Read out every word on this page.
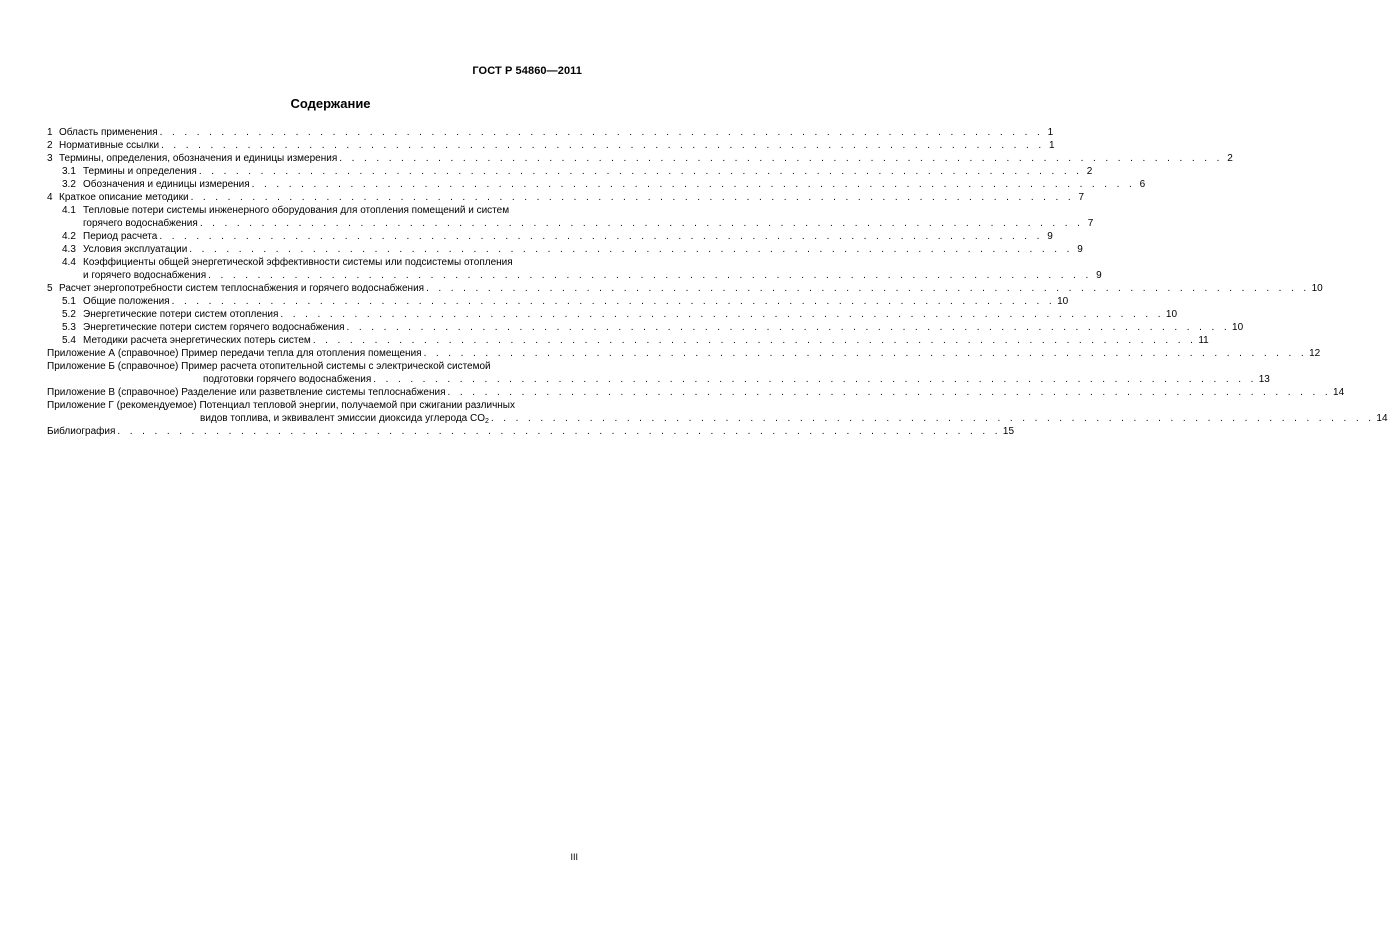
ГОСТ Р 54860—2011
Содержание
1 Область применения . . . . . . . . . . . . . . . . . . . . . . . . . . . . . . . . . . . . . . . . . . . . . . . . . . . . . . . . . . . . . . . . . . . . . . . . 1
2 Нормативные ссылки . . . . . . . . . . . . . . . . . . . . . . . . . . . . . . . . . . . . . . . . . . . . . . . . . . . . . . . . . . . . . . . . . . . . . . . . 1
3 Термины, определения, обозначения и единицы измерения . . . . . . . . . . . . . . . . . . . . . . . . . . . . . . . . . . . . . . . . . . . . . . . . . . . . . . . . . . . . . . . . . . . . . . . . 2
3.1 Термины и определения . . . . . . . . . . . . . . . . . . . . . . . . . . . . . . . . . . . . . . . . . . . . . . . . . . . . . . . . . . . . . . . . . . . . . . . . 2
3.2 Обозначения и единицы измерения . . . . . . . . . . . . . . . . . . . . . . . . . . . . . . . . . . . . . . . . . . . . . . . . . . . . . . . . . . . . . . . . . . . . . . . . 6
4 Краткое описание методики . . . . . . . . . . . . . . . . . . . . . . . . . . . . . . . . . . . . . . . . . . . . . . . . . . . . . . . . . . . . . . . . . . . . . . . . 7
4.1 Тепловые потери системы инженерного оборудования для отопления помещений и систем
горячего водоснабжения . . . . . . . . . . . . . . . . . . . . . . . . . . . . . . . . . . . . . . . . . . . . . . . . . . . . . . . . . . . . . . . . . . . . . . . . 7
4.2 Период расчета . . . . . . . . . . . . . . . . . . . . . . . . . . . . . . . . . . . . . . . . . . . . . . . . . . . . . . . . . . . . . . . . . . . . . . . . 9
4.3 Условия эксплуатации . . . . . . . . . . . . . . . . . . . . . . . . . . . . . . . . . . . . . . . . . . . . . . . . . . . . . . . . . . . . . . . . . . . . . . . . 9
4.4 Коэффициенты общей энергетической эффективности системы или подсистемы отопления
и горячего водоснабжения . . . . . . . . . . . . . . . . . . . . . . . . . . . . . . . . . . . . . . . . . . . . . . . . . . . . . . . . . . . . . . . . . . . . . . . . 9
5 Расчет энергопотребности систем теплоснабжения и горячего водоснабжения . . . . . . . . . . . . . . . . . . . . . . . . . . . . . . . . . . . . . . . . . . . . . . . . . . . . . . . . . . . . . . . . . . . . . . . . 10
5.1 Общие положения . . . . . . . . . . . . . . . . . . . . . . . . . . . . . . . . . . . . . . . . . . . . . . . . . . . . . . . . . . . . . . . . . . . . . . . . 10
5.2 Энергетические потери систем отопления . . . . . . . . . . . . . . . . . . . . . . . . . . . . . . . . . . . . . . . . . . . . . . . . . . . . . . . . . . . . . . . . . . . . . . . . 10
5.3 Энергетические потери систем горячего водоснабжения . . . . . . . . . . . . . . . . . . . . . . . . . . . . . . . . . . . . . . . . . . . . . . . . . . . . . . . . . . . . . . . . . . . . . . . . 10
5.4 Методики расчета энергетических потерь систем . . . . . . . . . . . . . . . . . . . . . . . . . . . . . . . . . . . . . . . . . . . . . . . . . . . . . . . . . . . . . . . . . . . . . . . . 11
Приложение А (справочное) Пример передачи тепла для отопления помещения . . . . . . . . . . . . . . . . . . . . . . . . . . . . . . . . . . . . . . . . . . . . . . . . . . . . . . . . . . . . . . . . . . . . . . . . 12
Приложение Б (справочное) Пример расчета отопительной системы с электрической системой
подготовки горячего водоснабжения . . . . . . . . . . . . . . . . . . . . . . . . . . . . . . . . . . . . . . . . . . . . . . . . . . . . . . . . . . . . . . . . . . . . . . . . 13
Приложение В (справочное) Разделение или разветвление системы теплоснабжения . . . . . . . . . . . . . . . . . . . . . . . . . . . . . . . . . . . . . . . . . . . . . . . . . . . . . . . . . . . . . . . . . . . . . . . . 14
Приложение Г (рекомендуемое) Потенциал тепловой энергии, получаемой при сжигании различных
видов топлива, и эквивалент эмиссии диоксида углерода $CO_2$ . . . . . . . . . . . . . . . . . . . . . . . . . . . . . . . . . . . . . . . . . . . . . . . . . . . . . . . . . . . . . . . . . . . . . . . . 14
Библиография . . . . . . . . . . . . . . . . . . . . . . . . . . . . . . . . . . . . . . . . . . . . . . . . . . . . . . . . . . . . . . . . . . . . . . . . 15
III
